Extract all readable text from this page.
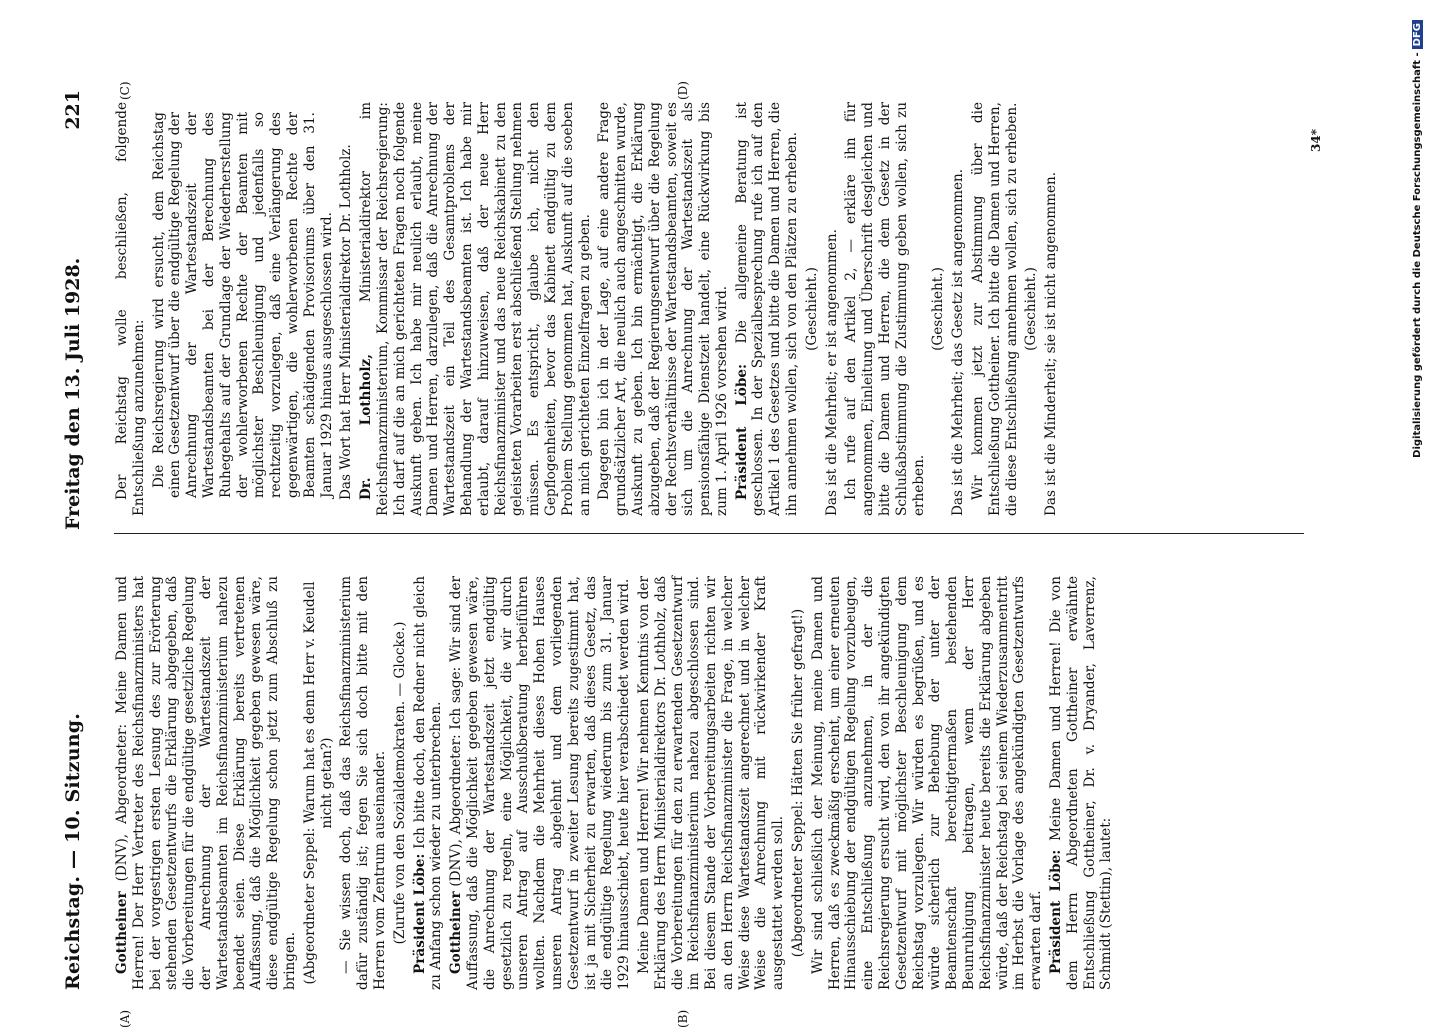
Reichstag. — 10. Sitzung.
Freitag den 13. Juli 1928.
221
(A)	(B)
(C)	(D)

Gottheiner (DNV), Abgeordneter: Meine Damen und Herren! Der Herr Vertreter des Reichsfinanzministers hat bei der vorgestrigen ersten Lesung des zur Erörterung stehenden Gesetzentwurfs die Erklärung abgegeben, daß die Vorbereitungen für die endgültige gesetzliche Regelung der Anrechnung der Wartestandszeit der Wartestandsbeamten im Reichsfinanzministerium nahezu beendet seien. Diese Erklärung bereits vertretenen Auffassung, daß die Möglichkeit gegeben gewesen wäre, diese endgültige Regelung schon jetzt zum Abschluß zu bringen. (Abgeordneter Seppel: Warum hat es denn Herr v. Keudell nicht getan?) — Sie wissen doch, daß das Reichsfinanzministerium dafür zuständig ist; fegen Sie sich doch bitte mit den Herren vom Zentrum auseinander. (Zurufe von den Sozialdemokraten. — Glocke.) Präsident Löbe: Ich bitte doch, den Redner nicht gleich zu Anfang schon wieder zu unterbrechen. Gottheiner (DNV), Abgeordneter: Ich sage: Wir sind der Auffassung, daß die Möglichkeit gegeben gewesen wäre, die Anrechnung der Wartestandszeit jetzt endgültig gesetzlich zu regeln, eine Möglichkeit, die wir durch unseren Antrag auf Ausschußberatung herbeiführen wollten. Nachdem die Mehrheit dieses Hohen Hauses unseren Antrag abgelehnt und dem vorliegenden Gesetzentwurf in zweiter Lesung bereits zugestimmt hat, ist ja mit Sicherheit zu erwarten, daß dieses Gesetz, das die endgültige Regelung wiederum bis zum 31. Januar 1929 hinausschiebt, heute hier verabschiedet werden wird. Meine Damen und Herren! Wir nehmen Kenntnis von der Erklärung des Herrn Ministerialdirektors Dr. Lothholz, daß die Vorbereitungen für den zu erwartenden Gesetzentwurf im Reichsfinanzministerium nahezu abgeschlossen sind. Bei diesem Stande der Vorbereitungsarbeiten richten wir an den Herrn Reichsfinanzminister die Frage, in welcher Weise diese Wartestandszeit angerechnet und in welcher Weise die Anrechnung mit rückwirkender Kraft ausgestattet werden soll. (Abgeordneter Seppel: Hätten Sie früher gefragt!) Wir sind schließlich der Meinung, meine Damen und Herren, daß es zweckmäßig erscheint, um einer erneuten Hinausschiebung der endgültigen Regelung vorzubeugen, eine Entschließung anzunehmen, in der die Reichsregierung ersucht wird, den von ihr angekündigten Gesetzentwurf mit möglichster Beschleunigung dem Reichstag vorzulegen. Wir würden es begrüßen, und es würde sicherlich zur Behebung der unter der Beamtenschaft berechtigtermaßen bestehenden Beunruhigung beitragen, wenn der Herr Reichsfinanzminister heute bereits die Erklärung abgeben würde, daß der Reichstag bei seinem Wiederzusammentritt im Herbst die Vorlage des angekündigten Gesetzentwurfs erwarten darf. Präsident Löbe: Meine Damen und Herren! Die von dem Herrn Abgeordneten Gottheiner erwähnte Entschließung Gottheiner, Dr. v. Dryander, Laverrenz, Schmidt (Stettin), lautet:

Der Reichstag wolle beschließen, folgende Entschließung anzunehmen: Die Reichsregierung wird ersucht, dem Reichstag einen Gesetzentwurf über die endgültige Regelung der Anrechnung der Wartestandszeit der Wartestandsbeamten bei der Berechnung des Ruhegehalts auf der Grundlage der Wiederherstellung der wohlerworbenen Rechte der Beamten mit möglichster Beschleunigung und jedenfalls so rechtzeitig vorzulegen, daß eine Verlängerung des gegenwärtigen, die wohlerworbenen Rechte der Beamten schädigenden Provisoriums über den 31. Januar 1929 hinaus ausgeschlossen wird. Das Wort hat Herr Ministerialdirektor Dr. Lothholz. Dr. Lothholz, Ministerialdirektor im Reichsfinanzministerium, Kommissar der Reichsregierung: Ich darf auf die an mich gerichteten Fragen noch folgende Auskunft geben. Ich habe mir neulich erlaubt, meine Damen und Herren, darzulegen, daß die Anrechnung der Wartestandszeit ein Teil des Gesamtproblems der Behandlung der Wartestandsbeamten ist. Ich habe mir erlaubt, darauf hinzuweisen, daß der neue Herr Reichsfinanzminister und das neue Reichskabinett zu den geleisteten Vorarbeiten erst abschließend Stellung nehmen müssen. Es entspricht, glaube ich, nicht den Gepflogenheiten, bevor das Kabinett endgültig zu dem Problem Stellung genommen hat, Auskunft auf die soeben an mich gerichteten Einzelfragen zu geben. Dagegen bin ich in der Lage, auf eine andere Frage grundsätzlicher Art, die neulich auch angeschnitten wurde, Auskunft zu geben. Ich bin ermächtigt, die Erklärung abzugeben, daß der Regierungsentwurf über die Regelung der Rechtsverhältnisse der Wartestandsbeamten, soweit es sich um die Anrechnung der Wartestandszeit als pensionsfähige Dienstzeit handelt, eine Rückwirkung bis zum 1. April 1926 vorsehen wird. Präsident Löbe: Die allgemeine Beratung ist geschlossen. In der Spezialbesprechung rufe ich auf den Artikel 1 des Gesetzes und bitte die Damen und Herren, die ihn annehmen wollen, sich von den Plätzen zu erheben. (Geschieht.) Das ist die Mehrheit; er ist angenommen. Ich rufe auf den Artikel 2, — erkläre ihn für angenommen, Einleitung und Überschrift desgleichen und bitte die Damen und Herren, die dem Gesetz in der Schlußabstimmung die Zustimmung geben wollen, sich zu erheben.

(Geschieht.) Das ist die Mehrheit; das Gesetz ist angenommen. Wir kommen jetzt zur Abstimmung über die Entschließung Gottheiner. Ich bitte die Damen und Herren, die diese Entschließung annehmen wollen, sich zu erheben. (Geschieht.) Das ist die Minderheit; sie ist nicht angenommen.

34*	Digitalisierung gefördert durch die Deutsche Forschungsgemeinschaft -DFG
